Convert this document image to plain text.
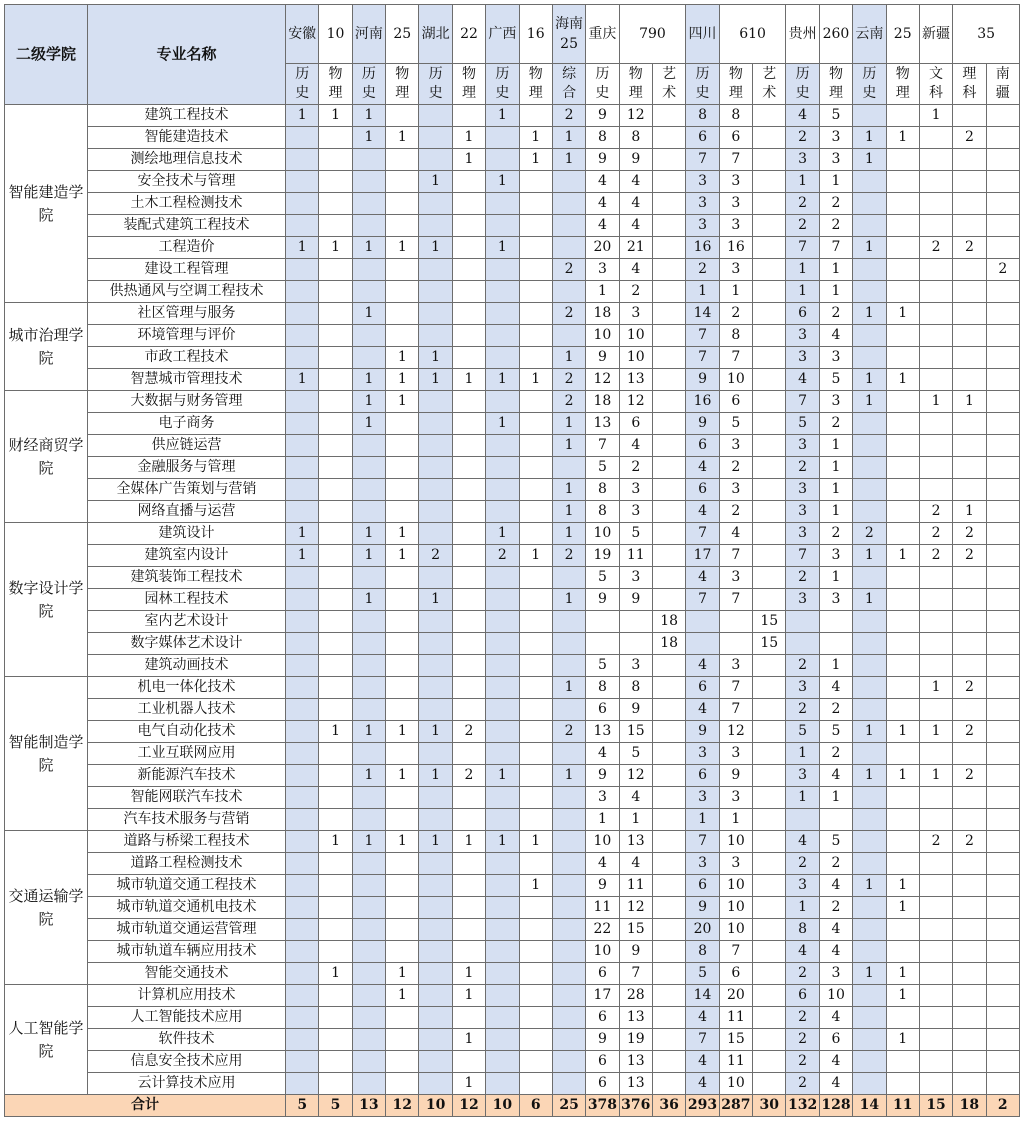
二级学院	专业名称	安徽	10	河南	25	湖北	22	广西	16	海南25	重庆	790		四川	610		贵州	260	云南	25	新疆	35	
		历史	物理	历史	物理	历史	物理	历史	物理	综合	历史	物理	艺术	历史	物理	艺术	历史	物理	历史	物理	文科	理科	南疆
智能建造学院	建筑工程技术	1	1	1				1		2	9	12		8	8		4	5			1		
	智能建造技术			1	1		1		1	1	8	8		6	6		2	3	1	1		2	
	测绘地理信息技术						1		1	1	9	9		7	7		3	3	1				
	安全技术与管理					1		1			4	4		3	3		1	1					
	土木工程检测技术										4	4		3	3		2	2					
	装配式建筑工程技术										4	4		3	3		2	2					
	工程造价	1	1	1	1	1		1			20	21		16	16		7	7	1		2	2	
	建设工程管理									2	3	4		2	3		1	1					2
	供热通风与空调工程技术										1	2		1	1		1	1					
城市治理学院	社区管理与服务			1						2	18	3		14	2		6	2	1	1			
	环境管理与评价										10	10		7	8		3	4					
	市政工程技术				1	1				1	9	10		7	7		3	3					
	智慧城市管理技术	1		1	1	1	1	1	1	2	12	13		9	10		4	5	1	1			
财经商贸学院	大数据与财务管理			1	1					2	18	12		16	6		7	3	1		1	1	
	电子商务			1				1		1	13	6		9	5		5	2					
	供应链运营									1	7	4		6	3		3	1					
	金融服务与管理										5	2		4	2		2	1					
	全媒体广告策划与营销									1	8	3		6	3		3	1					
	网络直播与运营									1	8	3		4	2		3	1			2	1	
数字设计学院	建筑设计	1		1	1			1		1	10	5		7	4		3	2	2		2	2	
	建筑室内设计	1		1	1	2		2	1	2	19	11		17	7		7	3	1	1	2	2	
	建筑装饰工程技术										5	3		4	3		2	1					
	园林工程技术			1		1				1	9	9		7	7		3	3	1				
	室内艺术设计												18			15							
	数字媒体艺术设计												18			15							
	建筑动画技术										5	3		4	3		2	1					
智能制造学院	机电一体化技术									1	8	8		6	7		3	4			1	2	
	工业机器人技术										6	9		4	7		2	2					
	电气自动化技术		1	1	1	1	2			2	13	15		9	12		5	5	1	1	1	2	
	工业互联网应用										4	5		3	3		1	2					
	新能源汽车技术			1	1	1	2	1		1	9	12		6	9		3	4	1	1	1	2	
	智能网联汽车技术										3	4		3	3		1	1					
	汽车技术服务与营销										1	1		1	1								
交通运输学院	道路与桥梁工程技术		1	1	1	1	1	1	1		10	13		7	10		4	5			2	2	
	道路工程检测技术										4	4		3	3		2	2					
	城市轨道交通工程技术								1		9	11		6	10		3	4	1	1			
	城市轨道交通机电技术										11	12		9	10		1	2		1			
	城市轨道交通运营管理										22	15		20	10		8	4					
	城市轨道车辆应用技术										10	9		8	7		4	4					
	智能交通技术		1		1		1				6	7		5	6		2	3	1	1			
人工智能学院	计算机应用技术				1		1				17	28		14	20		6	10		1			
	人工智能技术应用										6	13		4	11		2	4					
	软件技术						1				9	19		7	15		2	6		1			
	信息安全技术应用										6	13		4	11		2	4					
	云计算技术应用						1				6	13		4	10		2	4					
合计		5	5	13	12	10	12	10	6	25	378	376	36	293	287	30	132	128	14	11	15	18	2
